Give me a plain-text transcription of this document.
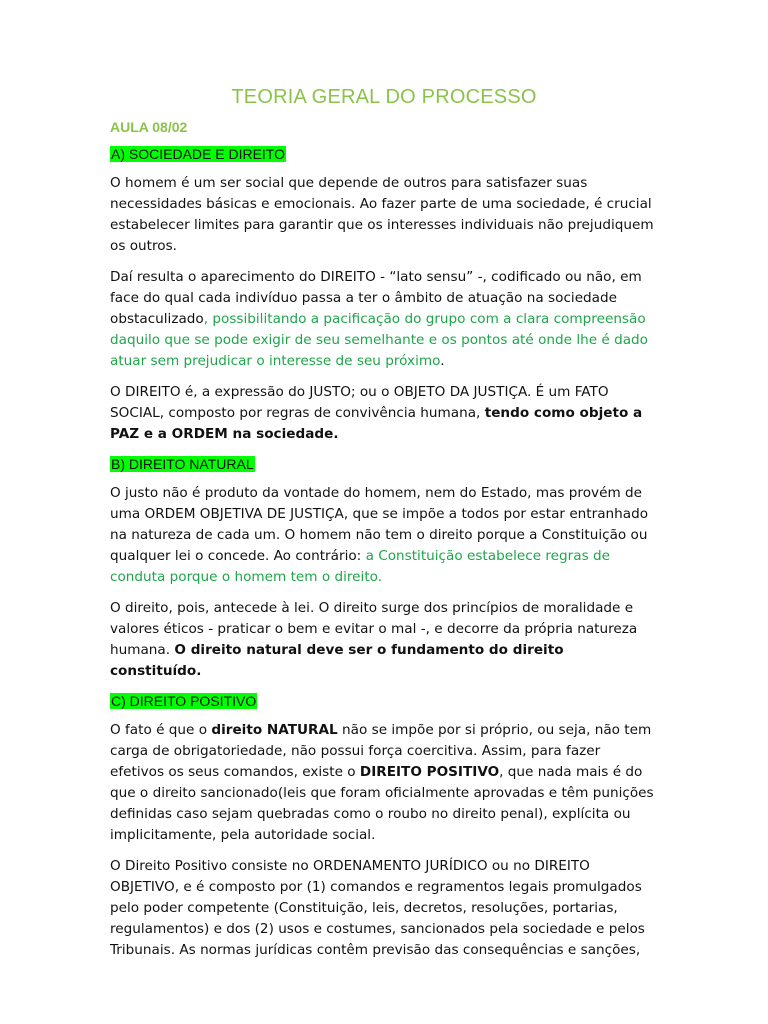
TEORIA GERAL DO PROCESSO
AULA 08/02
A) SOCIEDADE E DIREITO

O homem é um ser social que depende de outros para satisfazer suas necessidades básicas e emocionais. Ao fazer parte de uma sociedade, é crucial estabelecer limites para garantir que os interesses individuais não prejudiquem os outros.

Daí resulta o aparecimento do DIREITO - “lato sensu” -, codificado ou não, em face do qual cada indivíduo passa a ter o âmbito de atuação na sociedade obstaculizado, possibilitando a pacificação do grupo com a clara compreensão daquilo que se pode exigir de seu semelhante e os pontos até onde lhe é dado atuar sem prejudicar o interesse de seu próximo.

O DIREITO é, a expressão do JUSTO; ou o OBJETO DA JUSTIÇA. É um FATO SOCIAL, composto por regras de convivência humana, tendo como objeto a PAZ e a ORDEM na sociedade.

B) DIREITO NATURAL

O justo não é produto da vontade do homem, nem do Estado, mas provém de uma ORDEM OBJETIVA DE JUSTIÇA, que se impõe a todos por estar entranhado na natureza de cada um. O homem não tem o direito porque a Constituição ou qualquer lei o concede. Ao contrário: a Constituição estabelece regras de conduta porque o homem tem o direito.

O direito, pois, antecede à lei. O direito surge dos princípios de moralidade e valores éticos - praticar o bem e evitar o mal -, e decorre da própria natureza humana. O direito natural deve ser o fundamento do direito constituído.

C) DIREITO POSITIVO

O fato é que o direito NATURAL não se impõe por si próprio, ou seja, não tem carga de obrigatoriedade, não possui força coercitiva. Assim, para fazer efetivos os seus comandos, existe o DIREITO POSITIVO, que nada mais é do que o direito sancionado(leis que foram oficialmente aprovadas e têm punições definidas caso sejam quebradas como o roubo no direito penal), explícita ou implicitamente, pela autoridade social.

O Direito Positivo consiste no ORDENAMENTO JURÍDICO ou no DIREITO OBJETIVO, e é composto por (1) comandos e regramentos legais promulgados pelo poder competente (Constituição, leis, decretos, resoluções, portarias, regulamentos) e dos (2) usos e costumes, sancionados pela sociedade e pelos Tribunais. As normas jurídicas contêm previsão das consequências e sanções,
